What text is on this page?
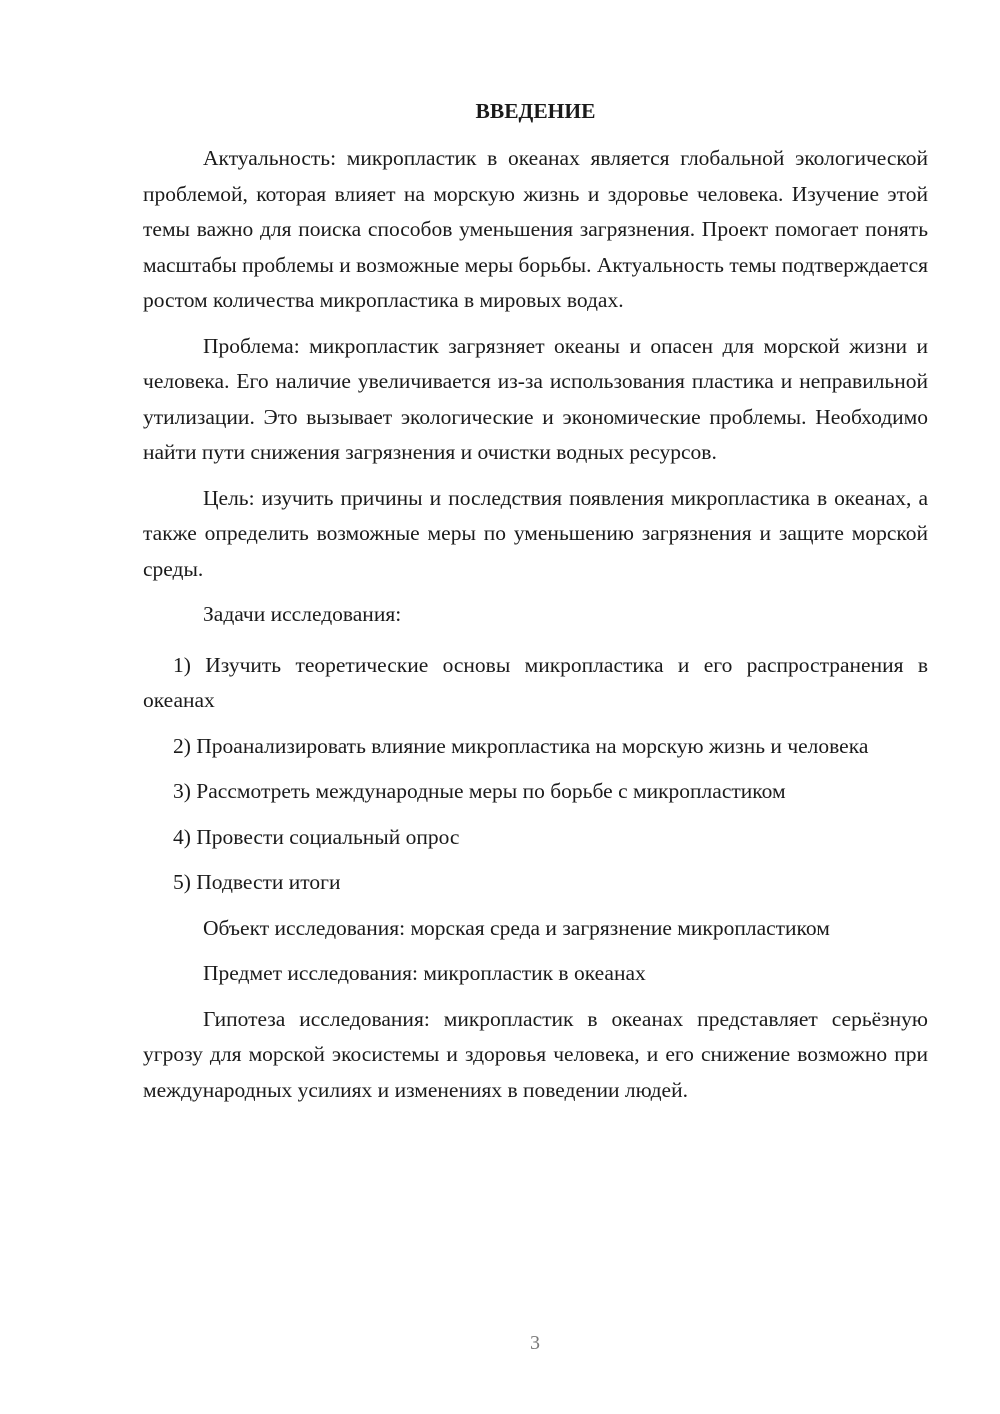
ВВЕДЕНИЕ

Актуальность: микропластик в океанах является глобальной экологической проблемой, которая влияет на морскую жизнь и здоровье человека. Изучение этой темы важно для поиска способов уменьшения загрязнения. Проект помогает понять масштабы проблемы и возможные меры борьбы. Актуальность темы подтверждается ростом количества микропластика в мировых водах.

Проблема: микропластик загрязняет океаны и опасен для морской жизни и человека. Его наличие увеличивается из-за использования пластика и неправильной утилизации. Это вызывает экологические и экономические проблемы. Необходимо найти пути снижения загрязнения и очистки водных ресурсов.

Цель: изучить причины и последствия появления микропластика в океанах, а также определить возможные меры по уменьшению загрязнения и защите морской среды.

Задачи исследования:

1) Изучить теоретические основы микропластика и его распространения в океанах

2) Проанализировать влияние микропластика на морскую жизнь и человека

3) Рассмотреть международные меры по борьбе с микропластиком

4) Провести социальный опрос

5) Подвести итоги

Объект исследования: морская среда и загрязнение микропластиком

Предмет исследования: микропластик в океанах

Гипотеза исследования: микропластик в океанах представляет серьёзную угрозу для морской экосистемы и здоровья человека, и его снижение возможно при международных усилиях и изменениях в поведении людей.

3
